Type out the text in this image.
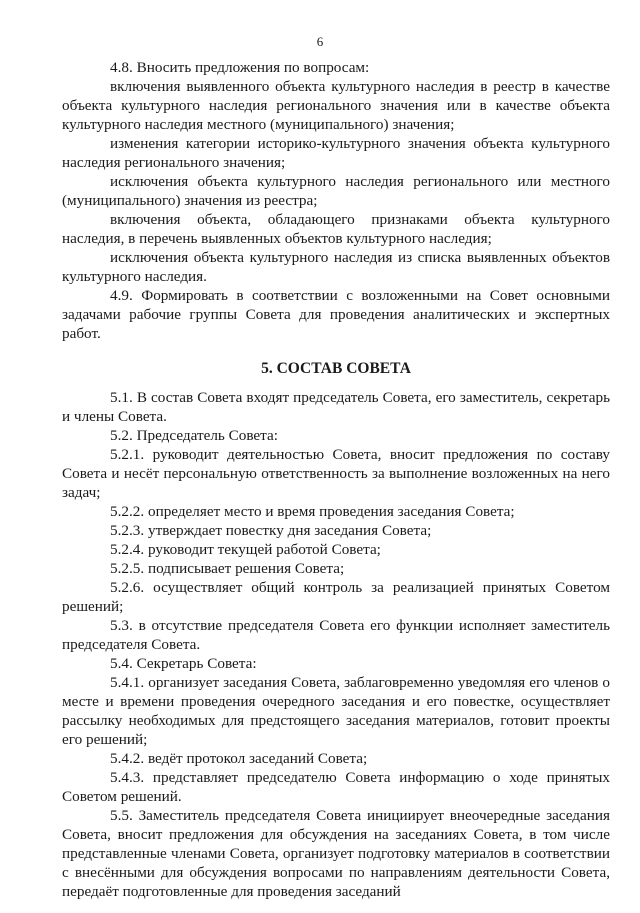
6

4.8. Вносить предложения по вопросам:

включения выявленного объекта культурного наследия в реестр в качестве объекта культурного наследия регионального значения или в качестве объекта культурного наследия местного (муниципального) значения;

изменения категории историко-культурного значения объекта культурного наследия регионального значения;

исключения объекта культурного наследия регионального или местного (муниципального) значения из реестра;

включения объекта, обладающего признаками объекта культурного наследия, в перечень выявленных объектов культурного наследия;

исключения объекта культурного наследия из списка выявленных объектов культурного наследия.

4.9. Формировать в соответствии с возложенными на Совет основными задачами рабочие группы Совета для проведения аналитических и экспертных работ.

5. СОСТАВ СОВЕТА

5.1. В состав Совета входят председатель Совета, его заместитель, секретарь и члены Совета.

5.2. Председатель Совета:

5.2.1. руководит деятельностью Совета, вносит предложения по составу Совета и несёт персональную ответственность за выполнение возложенных на него задач;

5.2.2. определяет место и время проведения заседания Совета;

5.2.3. утверждает повестку дня заседания Совета;

5.2.4. руководит текущей работой Совета;

5.2.5. подписывает решения Совета;

5.2.6. осуществляет общий контроль за реализацией принятых Советом решений;

5.3. в отсутствие председателя Совета его функции исполняет заместитель председателя Совета.

5.4. Секретарь Совета:

5.4.1. организует заседания Совета, заблаговременно уведомляя его членов о месте и времени проведения очередного заседания и его повестке, осуществляет рассылку необходимых для предстоящего заседания материалов, готовит проекты его решений;

5.4.2. ведёт протокол заседаний Совета;

5.4.3. представляет председателю Совета информацию о ходе принятых Советом решений.

5.5. Заместитель председателя Совета инициирует внеочередные заседания Совета, вносит предложения для обсуждения на заседаниях Совета, в том числе представленные членами Совета, организует подготовку материалов в соответствии с внесёнными для обсуждения вопросами по направлениям деятельности Совета, передаёт подготовленные для проведения заседаний
